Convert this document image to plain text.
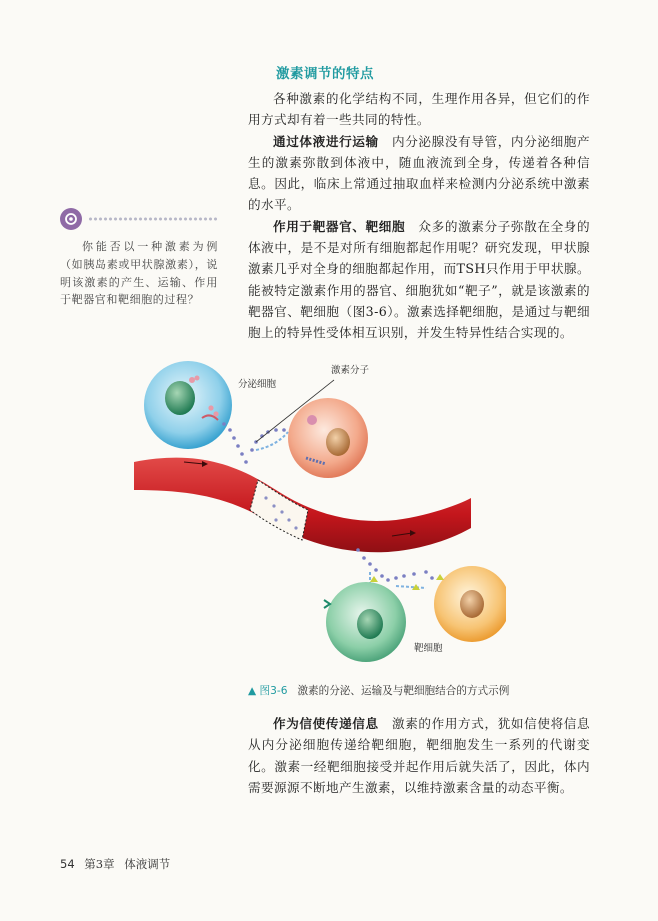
激素调节的特点

各种激素的化学结构不同，生理作用各异，但它们的作用方式却有着一些共同的特性。

通过体液进行运输  内分泌腺没有导管，内分泌细胞产生的激素弥散到体液中，随血液流到全身，传递着各种信息。因此，临床上常通过抽取血样来检测内分泌系统中激素的水平。

作用于靶器官、靶细胞  众多的激素分子弥散在全身的体液中，是不是对所有细胞都起作用呢？研究发现，甲状腺激素几乎对全身的细胞都起作用，而TSH只作用于甲状腺。能被特定激素作用的器官、细胞犹如“靶子”，就是该激素的靶器官、靶细胞（图3-6）。激素选择靶细胞，是通过与靶细胞上的特异性受体相互识别，并发生特异性结合实现的。

你能否以一种激素为例（如胰岛素或甲状腺激素），说明该激素的产生、运输、作用于靶器官和靶细胞的过程？

分泌细胞
激素分子
靶细胞
▲ 图3-6 激素的分泌、运输及与靶细胞结合的方式示例

作为信使传递信息  激素的作用方式，犹如信使将信息从内分泌细胞传递给靶细胞，靶细胞发生一系列的代谢变化。激素一经靶细胞接受并起作用后就失活了，因此，体内需要源源不断地产生激素，以维持激素含量的动态平衡。

54 第3章 体液调节
